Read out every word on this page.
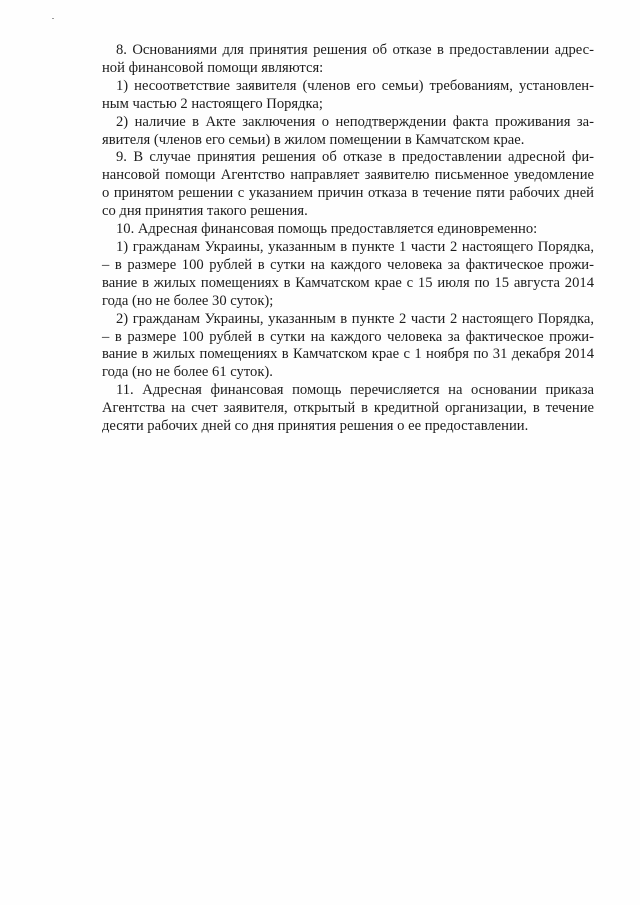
8. Основаниями для принятия решения об отказе в предоставлении адресной финансовой помощи являются:

1) несоответствие заявителя (членов его семьи) требованиям, установленным частью 2 настоящего Порядка;

2) наличие в Акте заключения о неподтверждении факта проживания заявителя (членов его семьи) в жилом помещении в Камчатском крае.

9. В случае принятия решения об отказе в предоставлении адресной финансовой помощи Агентство направляет заявителю письменное уведомление о принятом решении с указанием причин отказа в течение пяти рабочих дней со дня принятия такого решения.

10. Адресная финансовая помощь предоставляется единовременно:

1) гражданам Украины, указанным в пункте 1 части 2 настоящего Порядка, – в размере 100 рублей в сутки на каждого человека за фактическое проживание в жилых помещениях в Камчатском крае с 15 июля по 15 августа 2014 года (но не более 30 суток);

2) гражданам Украины, указанным в пункте 2 части 2 настоящего Порядка, – в размере 100 рублей в сутки на каждого человека за фактическое проживание в жилых помещениях в Камчатском крае с 1 ноября по 31 декабря 2014 года (но не более 61 суток).

11. Адресная финансовая помощь перечисляется на основании приказа Агентства на счет заявителя, открытый в кредитной организации, в течение десяти рабочих дней со дня принятия решения о ее предоставлении.
